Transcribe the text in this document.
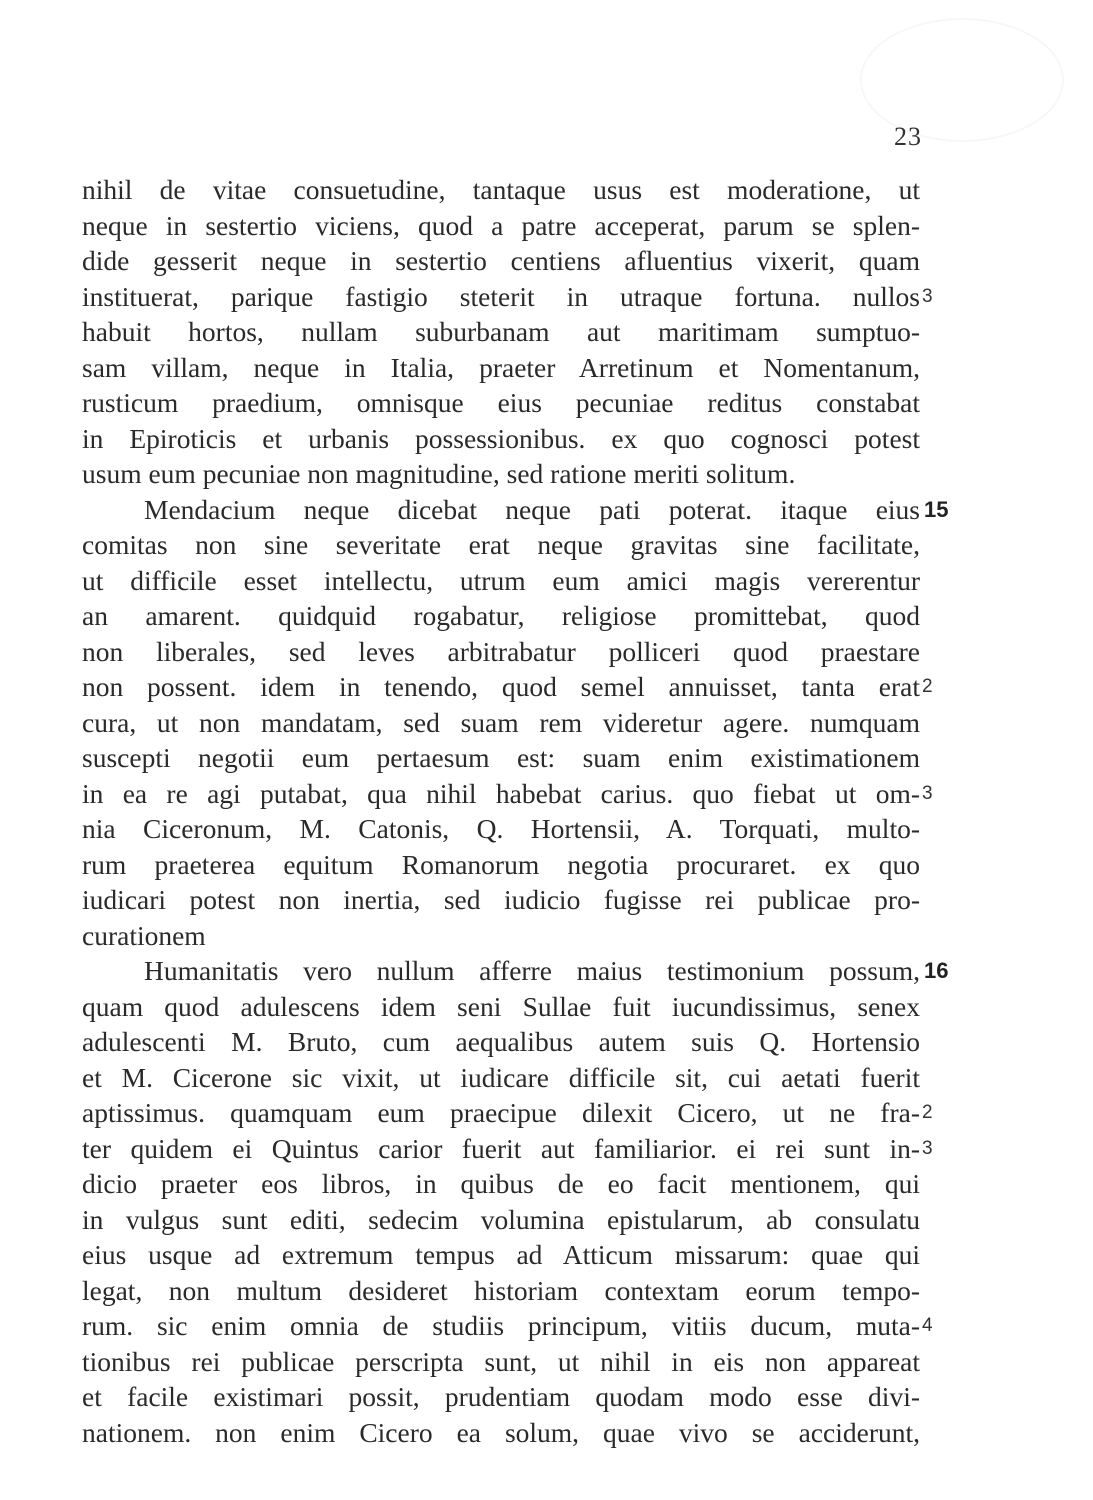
23
nihil de vitae consuetudine, tantaque usus est moderatione, ut
neque in sestertio viciens, quod a patre acceperat, parum se splen-
dide gesserit neque in sestertio centiens afluentius vixerit, quam
instituerat, parique fastigio steterit in utraque fortuna. nullos 3
habuit hortos, nullam suburbanam aut maritimam sumptuo-
sam villam, neque in Italia, praeter Arretinum et Nomentanum,
rusticum praedium, omnisque eius pecuniae reditus constabat
in Epiroticis et urbanis possessionibus. ex quo cognosci potest
usum eum pecuniae non magnitudine, sed ratione meriti solitum.
Mendacium neque dicebat neque pati poterat. itaque eius 15
comitas non sine severitate erat neque gravitas sine facilitate,
ut difficile esset intellectu, utrum eum amici magis vererentur
an amarent. quidquid rogabatur, religiose promittebat, quod
non liberales, sed leves arbitrabatur polliceri quod praestare
non possent. idem in tenendo, quod semel annuisset, tanta erat 2
cura, ut non mandatam, sed suam rem videretur agere. numquam
suscepti negotii eum pertaesum est: suam enim existimationem
in ea re agi putabat, qua nihil habebat carius. quo fiebat ut om- 3
nia Ciceronum, M. Catonis, Q. Hortensii, A. Torquati, multo-
rum praeterea equitum Romanorum negotia procuraret. ex quo
iudicari potest non inertia, sed iudicio fugisse rei publicae pro-
curationem
Humanitatis vero nullum afferre maius testimonium possum, 16
quam quod adulescens idem seni Sullae fuit iucundissimus, senex
adulescenti M. Bruto, cum aequalibus autem suis Q. Hortensio
et M. Cicerone sic vixit, ut iudicare difficile sit, cui aetati fuerit
aptissimus. quamquam eum praecipue dilexit Cicero, ut ne fra- 2
ter quidem ei Quintus carior fuerit aut familiarior. ei rei sunt in- 3
dicio praeter eos libros, in quibus de eo facit mentionem, qui
in vulgus sunt editi, sedecim volumina epistularum, ab consulatu
eius usque ad extremum tempus ad Atticum missarum: quae qui
legat, non multum desideret historiam contextam eorum tempo-
rum. sic enim omnia de studiis principum, vitiis ducum, muta- 4
tionibus rei publicae perscripta sunt, ut nihil in eis non appareat
et facile existimari possit, prudentiam quodam modo esse divi-
nationem. non enim Cicero ea solum, quae vivo se acciderunt,
